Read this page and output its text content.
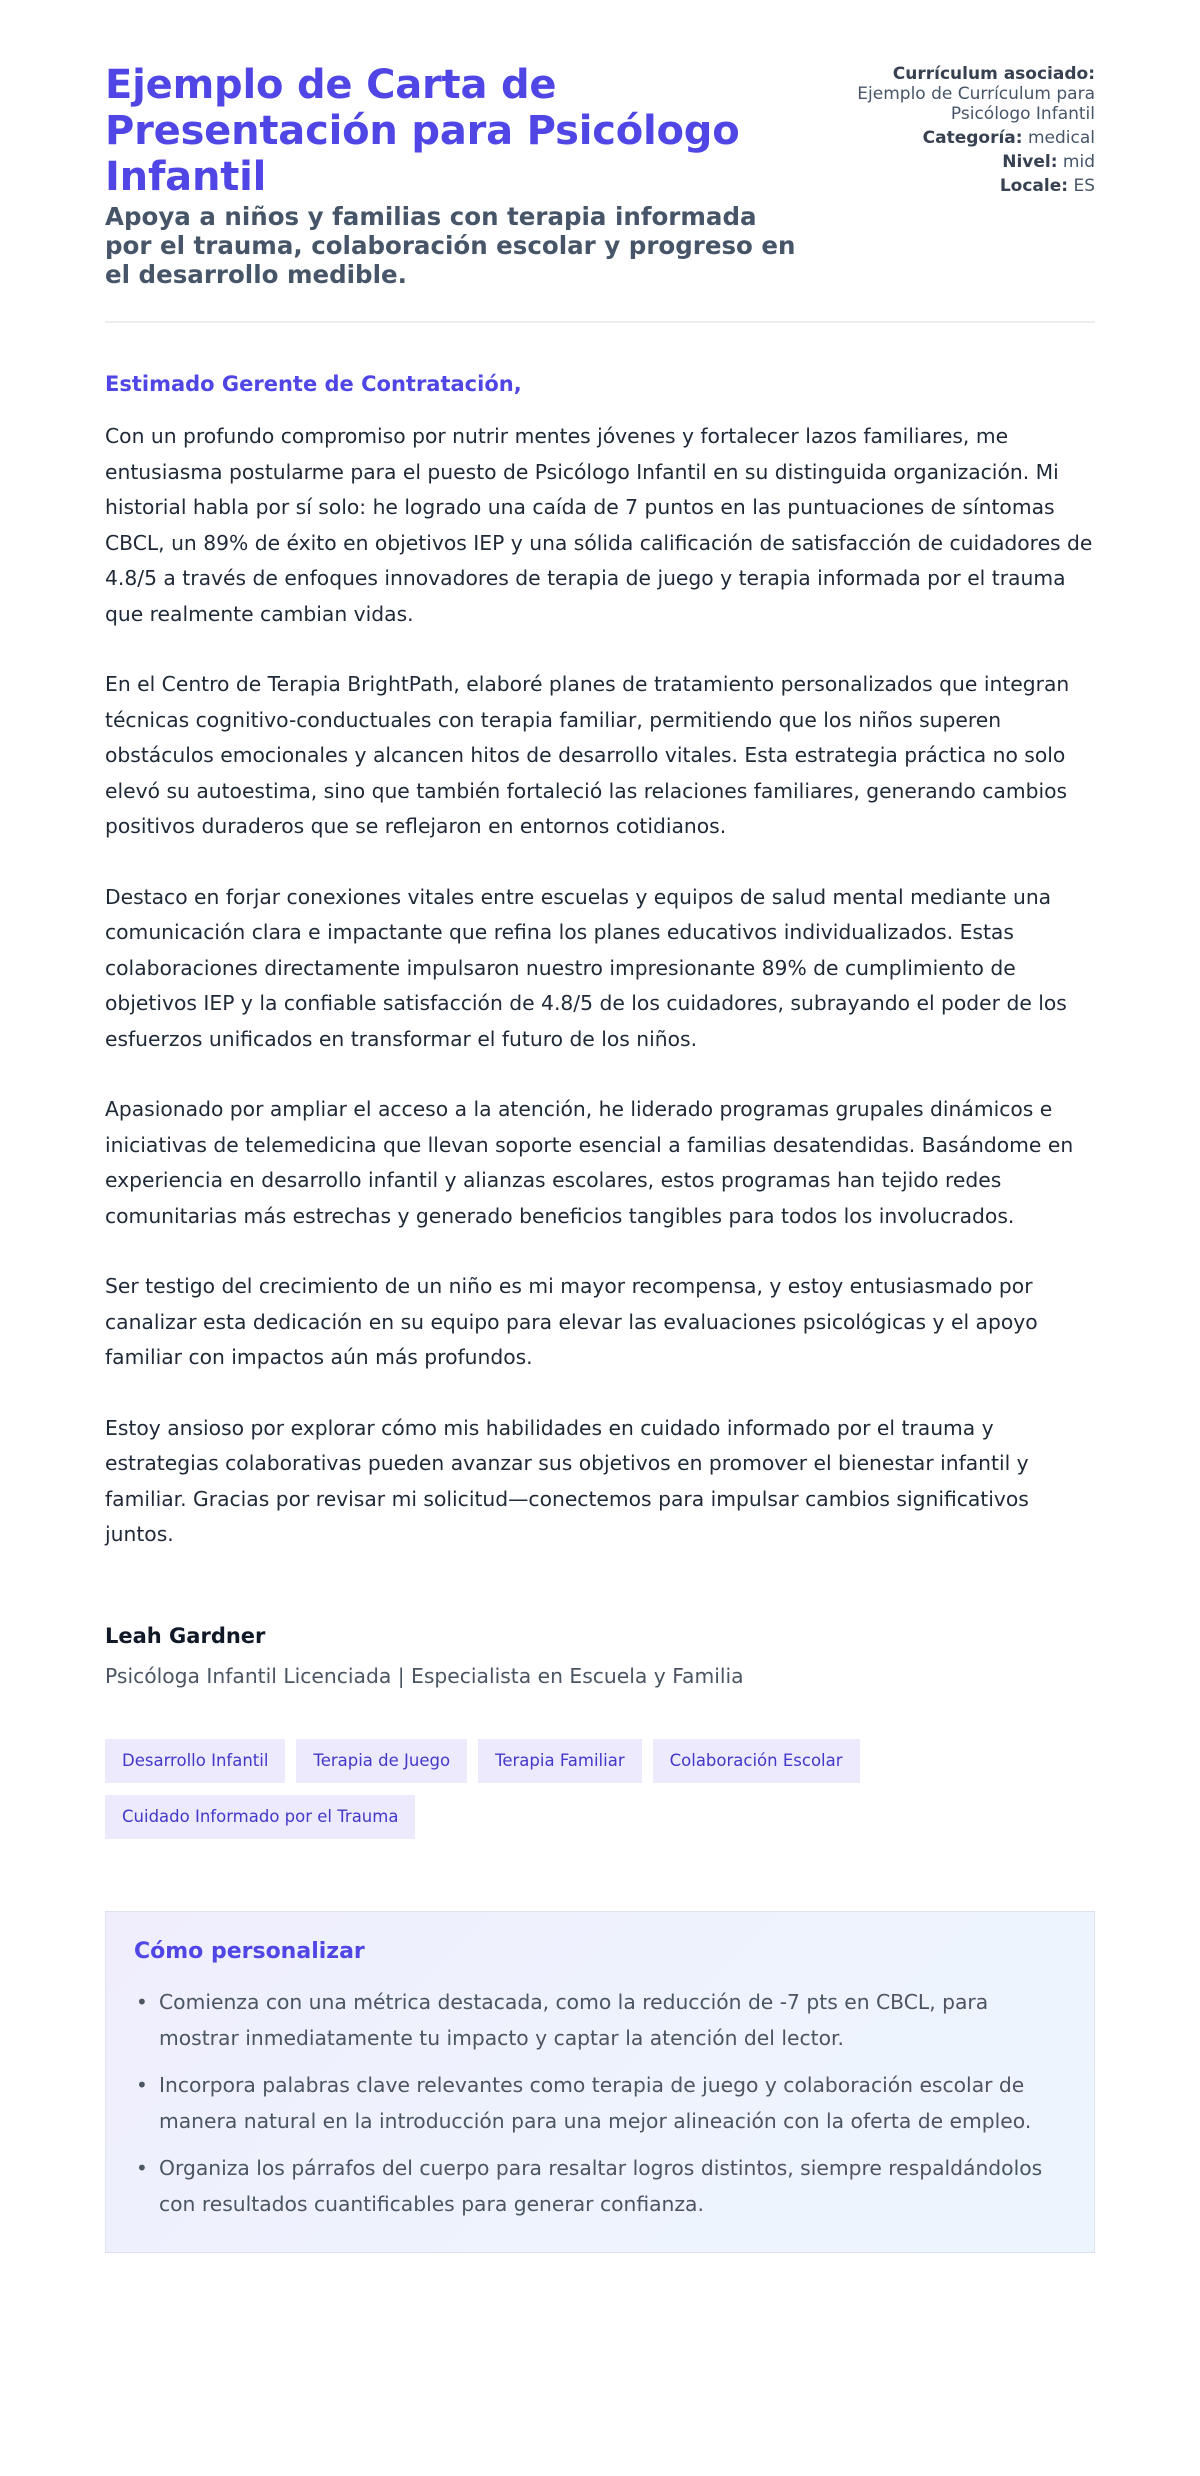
Ejemplo de Carta de Presentación para Psicólogo Infantil
Apoya a niños y familias con terapia informada por el trauma, colaboración escolar y progreso en el desarrollo medible.
Currículum asociado:
Ejemplo de Currículum para Psicólogo Infantil
Categoría: medical
Nivel: mid
Locale: ES

Estimado Gerente de Contratación,

Con un profundo compromiso por nutrir mentes jóvenes y fortalecer lazos familiares, me entusiasma postularme para el puesto de Psicólogo Infantil en su distinguida organización. Mi historial habla por sí solo: he logrado una caída de 7 puntos en las puntuaciones de síntomas CBCL, un 89% de éxito en objetivos IEP y una sólida calificación de satisfacción de cuidadores de 4.8/5 a través de enfoques innovadores de terapia de juego y terapia informada por el trauma que realmente cambian vidas.

En el Centro de Terapia BrightPath, elaboré planes de tratamiento personalizados que integran técnicas cognitivo-conductuales con terapia familiar, permitiendo que los niños superen obstáculos emocionales y alcancen hitos de desarrollo vitales. Esta estrategia práctica no solo elevó su autoestima, sino que también fortaleció las relaciones familiares, generando cambios positivos duraderos que se reflejaron en entornos cotidianos.

Destaco en forjar conexiones vitales entre escuelas y equipos de salud mental mediante una comunicación clara e impactante que refina los planes educativos individualizados. Estas colaboraciones directamente impulsaron nuestro impresionante 89% de cumplimiento de objetivos IEP y la confiable satisfacción de 4.8/5 de los cuidadores, subrayando el poder de los esfuerzos unificados en transformar el futuro de los niños.

Apasionado por ampliar el acceso a la atención, he liderado programas grupales dinámicos e iniciativas de telemedicina que llevan soporte esencial a familias desatendidas. Basándome en experiencia en desarrollo infantil y alianzas escolares, estos programas han tejido redes comunitarias más estrechas y generado beneficios tangibles para todos los involucrados.

Ser testigo del crecimiento de un niño es mi mayor recompensa, y estoy entusiasmado por canalizar esta dedicación en su equipo para elevar las evaluaciones psicológicas y el apoyo familiar con impactos aún más profundos.

Estoy ansioso por explorar cómo mis habilidades en cuidado informado por el trauma y estrategias colaborativas pueden avanzar sus objetivos en promover el bienestar infantil y familiar. Gracias por revisar mi solicitud—conectemos para impulsar cambios significativos juntos.

Leah Gardner

Psicóloga Infantil Licenciada | Especialista en Escuela y Familia

Desarrollo Infantil	Terapia de Juego	Terapia Familiar	Colaboración Escolar
Cuidado Informado por el Trauma
Cómo personalizar
• Comienza con una métrica destacada, como la reducción de -7 pts en CBCL, para mostrar inmediatamente tu impacto y captar la atención del lector.
• Incorpora palabras clave relevantes como terapia de juego y colaboración escolar de manera natural en la introducción para una mejor alineación con la oferta de empleo.
• Organiza los párrafos del cuerpo para resaltar logros distintos, siempre respaldándolos con resultados cuantificables para generar confianza.
